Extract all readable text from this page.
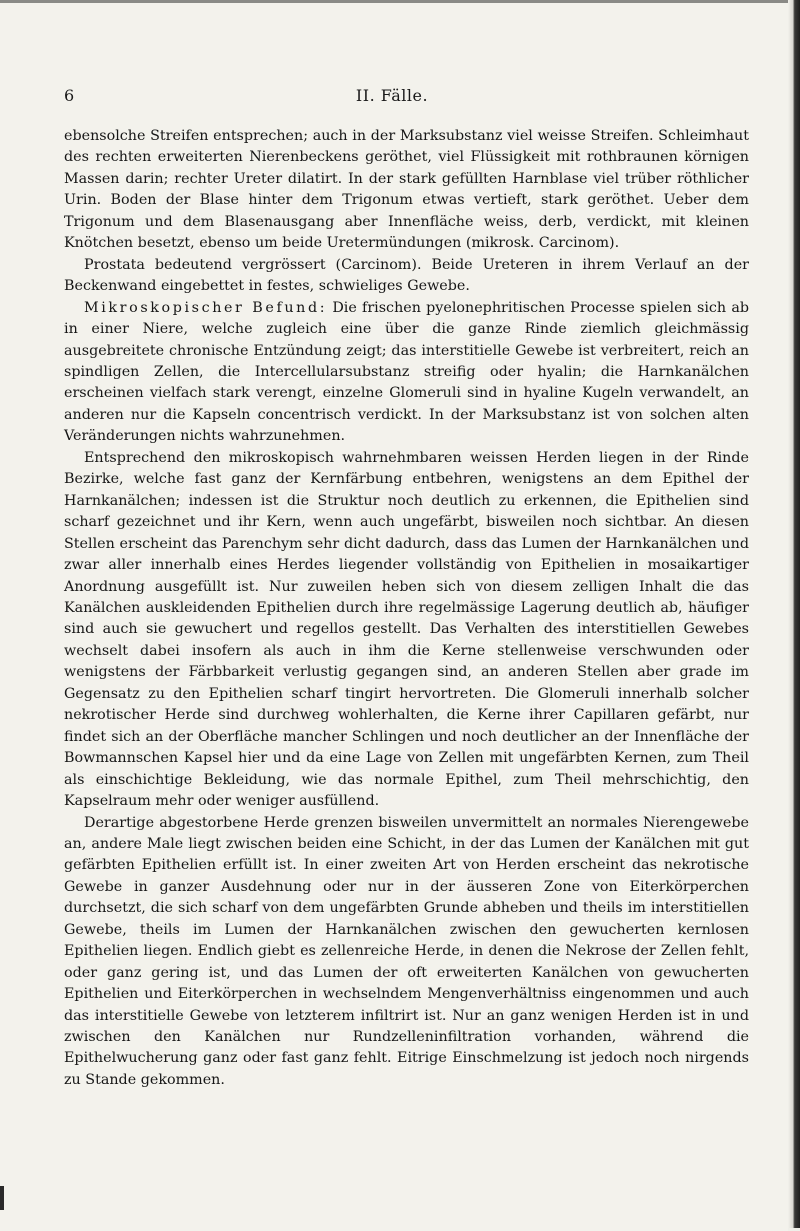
6	II. Fälle.

ebensolche Streifen entsprechen; auch in der Marksubstanz viel weisse Streifen. Schleimhaut des rechten erweiterten Nierenbeckens geröthet, viel Flüssigkeit mit rothbraunen körnigen Massen darin; rechter Ureter dilatirt. In der stark gefüllten Harnblase viel trüber röthlicher Urin. Boden der Blase hinter dem Trigonum etwas vertieft, stark geröthet. Ueber dem Trigonum und dem Blasenausgang aber Innenfläche weiss, derb, verdickt, mit kleinen Knötchen besetzt, ebenso um beide Uretermündungen (mikrosk. Carcinom).

Prostata bedeutend vergrössert (Carcinom). Beide Ureteren in ihrem Verlauf an der Beckenwand eingebettet in festes, schwieliges Gewebe.

Mikroskopischer Befund: Die frischen pyelonephritischen Processe spielen sich ab in einer Niere, welche zugleich eine über die ganze Rinde ziemlich gleichmässig ausgebreitete chronische Entzündung zeigt; das interstitielle Gewebe ist verbreitert, reich an spindligen Zellen, die Intercellularsubstanz streifig oder hyalin; die Harnkanälchen erscheinen vielfach stark verengt, einzelne Glomeruli sind in hyaline Kugeln verwandelt, an anderen nur die Kapseln concentrisch verdickt. In der Marksubstanz ist von solchen alten Veränderungen nichts wahrzunehmen.

Entsprechend den mikroskopisch wahrnehmbaren weissen Herden liegen in der Rinde Bezirke, welche fast ganz der Kernfärbung entbehren, wenigstens an dem Epithel der Harnkanälchen; indessen ist die Struktur noch deutlich zu erkennen, die Epithelien sind scharf gezeichnet und ihr Kern, wenn auch ungefärbt, bisweilen noch sichtbar. An diesen Stellen erscheint das Parenchym sehr dicht dadurch, dass das Lumen der Harnkanälchen und zwar aller innerhalb eines Herdes liegender vollständig von Epithelien in mosaikartiger Anordnung ausgefüllt ist. Nur zuweilen heben sich von diesem zelligen Inhalt die das Kanälchen auskleidenden Epithelien durch ihre regelmässige Lagerung deutlich ab, häufiger sind auch sie gewuchert und regellos gestellt. Das Verhalten des interstitiellen Gewebes wechselt dabei insofern als auch in ihm die Kerne stellenweise verschwunden oder wenigstens der Färbbarkeit verlustig gegangen sind, an anderen Stellen aber grade im Gegensatz zu den Epithelien scharf tingirt hervortreten. Die Glomeruli innerhalb solcher nekrotischer Herde sind durchweg wohlerhalten, die Kerne ihrer Capillaren gefärbt, nur findet sich an der Oberfläche mancher Schlingen und noch deutlicher an der Innenfläche der Bowmannschen Kapsel hier und da eine Lage von Zellen mit ungefärbten Kernen, zum Theil als einschichtige Bekleidung, wie das normale Epithel, zum Theil mehrschichtig, den Kapselraum mehr oder weniger ausfüllend.

Derartige abgestorbene Herde grenzen bisweilen unvermittelt an normales Nierengewebe an, andere Male liegt zwischen beiden eine Schicht, in der das Lumen der Kanälchen mit gut gefärbten Epithelien erfüllt ist. In einer zweiten Art von Herden erscheint das nekrotische Gewebe in ganzer Ausdehnung oder nur in der äusseren Zone von Eiterkörperchen durchsetzt, die sich scharf von dem ungefärbten Grunde abheben und theils im interstitiellen Gewebe, theils im Lumen der Harnkanälchen zwischen den gewucherten kernlosen Epithelien liegen. Endlich giebt es zellenreiche Herde, in denen die Nekrose der Zellen fehlt, oder ganz gering ist, und das Lumen der oft erweiterten Kanälchen von gewucherten Epithelien und Eiterkörperchen in wechselndem Mengenverhältniss eingenommen und auch das interstitielle Gewebe von letzterem infiltrirt ist. Nur an ganz wenigen Herden ist in und zwischen den Kanälchen nur Rundzelleninfiltration vorhanden, während die Epithelwucherung ganz oder fast ganz fehlt. Eitrige Einschmelzung ist jedoch noch nirgends zu Stande gekommen.
